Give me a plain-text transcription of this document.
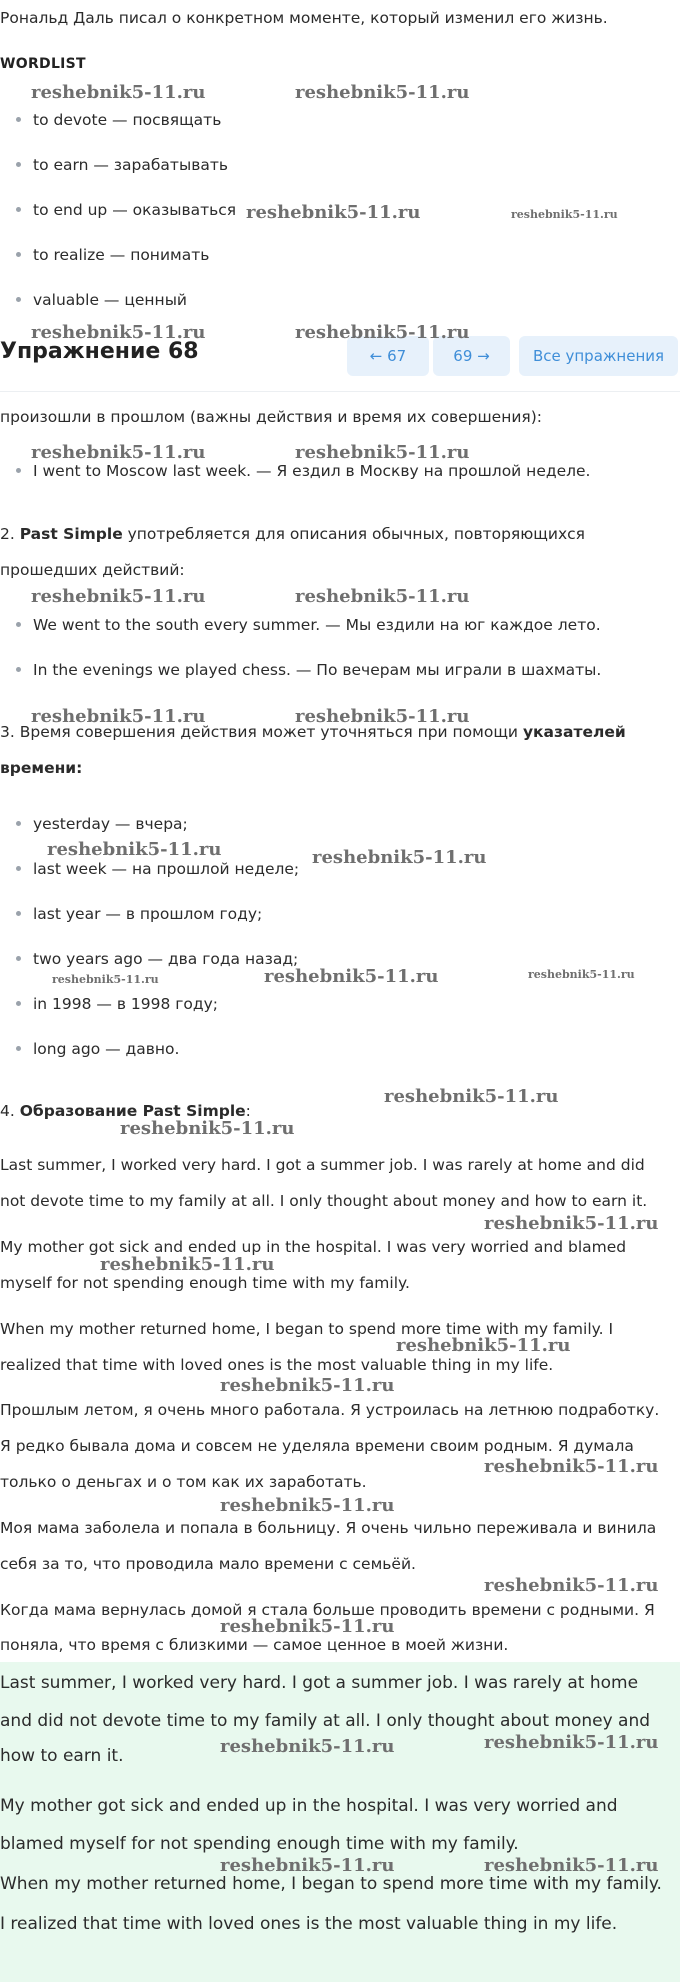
Рональд Даль писал о конкретном моменте, который изменил его жизнь.
WORDLIST
to devote — посвящать
to earn — зарабатывать
to end up — оказываться
to realize — понимать
valuable — ценный
Упражнение 68	← 67	69 →	Все упражнения
произошли в прошлом (важны действия и время их совершения):
I went to Moscow last week. — Я ездил в Москву на прошлой неделе.
2. Past Simple употребляется для описания обычных, повторяющихся
прошедших действий:
We went to the south every summer. — Мы ездили на юг каждое лето.
In the evenings we played chess. — По вечерам мы играли в шахматы.
3. Время совершения действия может уточняться при помощи указателей
времени:
yesterday — вчера;
last week — на прошлой неделе;
last year — в прошлом году;
two years ago — два года назад;
in 1998 — в 1998 году;
long ago — давно.
4. Образование Past Simple:
Last summer, I worked very hard. I got a summer job. I was rarely at home and did
not devote time to my family at all. I only thought about money and how to earn it.
My mother got sick and ended up in the hospital. I was very worried and blamed
myself for not spending enough time with my family.
When my mother returned home, I began to spend more time with my family. I
realized that time with loved ones is the most valuable thing in my life.
Прошлым летом, я очень много работала. Я устроилась на летнюю подработку.
Я редко бывала дома и совсем не уделяла времени своим родным. Я думала
только о деньгах и о том как их заработать.
Моя мама заболела и попала в больницу. Я очень чильно переживала и винила
себя за то, что проводила мало времени с семьёй.
Когда мама вернулась домой я стала больше проводить времени с родными. Я
поняла, что время с близкими — самое ценное в моей жизни.
Last summer, I worked very hard. I got a summer job. I was rarely at home
and did not devote time to my family at all. I only thought about money and
how to earn it.
My mother got sick and ended up in the hospital. I was very worried and
blamed myself for not spending enough time with my family.
When my mother returned home, I began to spend more time with my family.
I realized that time with loved ones is the most valuable thing in my life.
reshebnik5-11.ru	reshebnik5-11.ru
reshebnik5-11.ru	reshebnik5-11.ru
reshebnik5-11.ru	reshebnik5-11.ru
reshebnik5-11.ru	reshebnik5-11.ru
reshebnik5-11.ru	reshebnik5-11.ru
reshebnik5-11.ru	reshebnik5-11.ru
reshebnik5-11.ru	reshebnik5-11.ru
reshebnik5-11.ru	reshebnik5-11.ru	reshebnik5-11.ru
reshebnik5-11.ru
reshebnik5-11.ru
reshebnik5-11.ru
reshebnik5-11.ru
reshebnik5-11.ru
reshebnik5-11.ru
reshebnik5-11.ru
reshebnik5-11.ru
reshebnik5-11.ru
reshebnik5-11.ru
reshebnik5-11.ru	reshebnik5-11.ru
reshebnik5-11.ru	reshebnik5-11.ru
